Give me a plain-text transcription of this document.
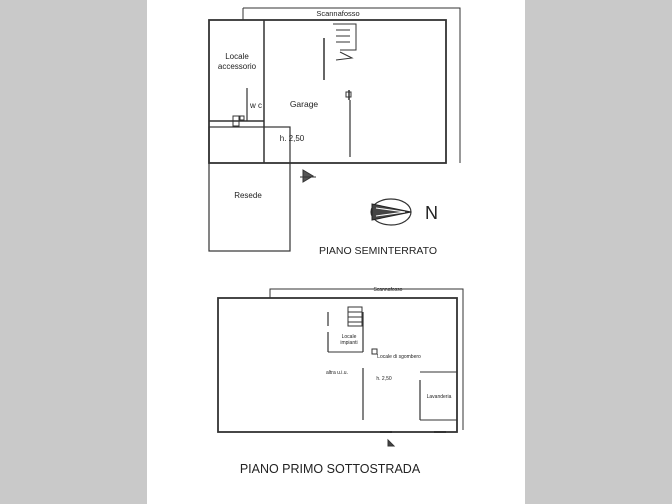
Scannafosso
Locale
accessorio
w c	Garage
h. 2,50
Resede
N
PIANO SEMINTERRATO
Scannafosso
Locale
impianti
Locale di sgombero
altra u.i.u.
h. 2,50
Lavanderia
PIANO PRIMO SOTTOSTRADA
